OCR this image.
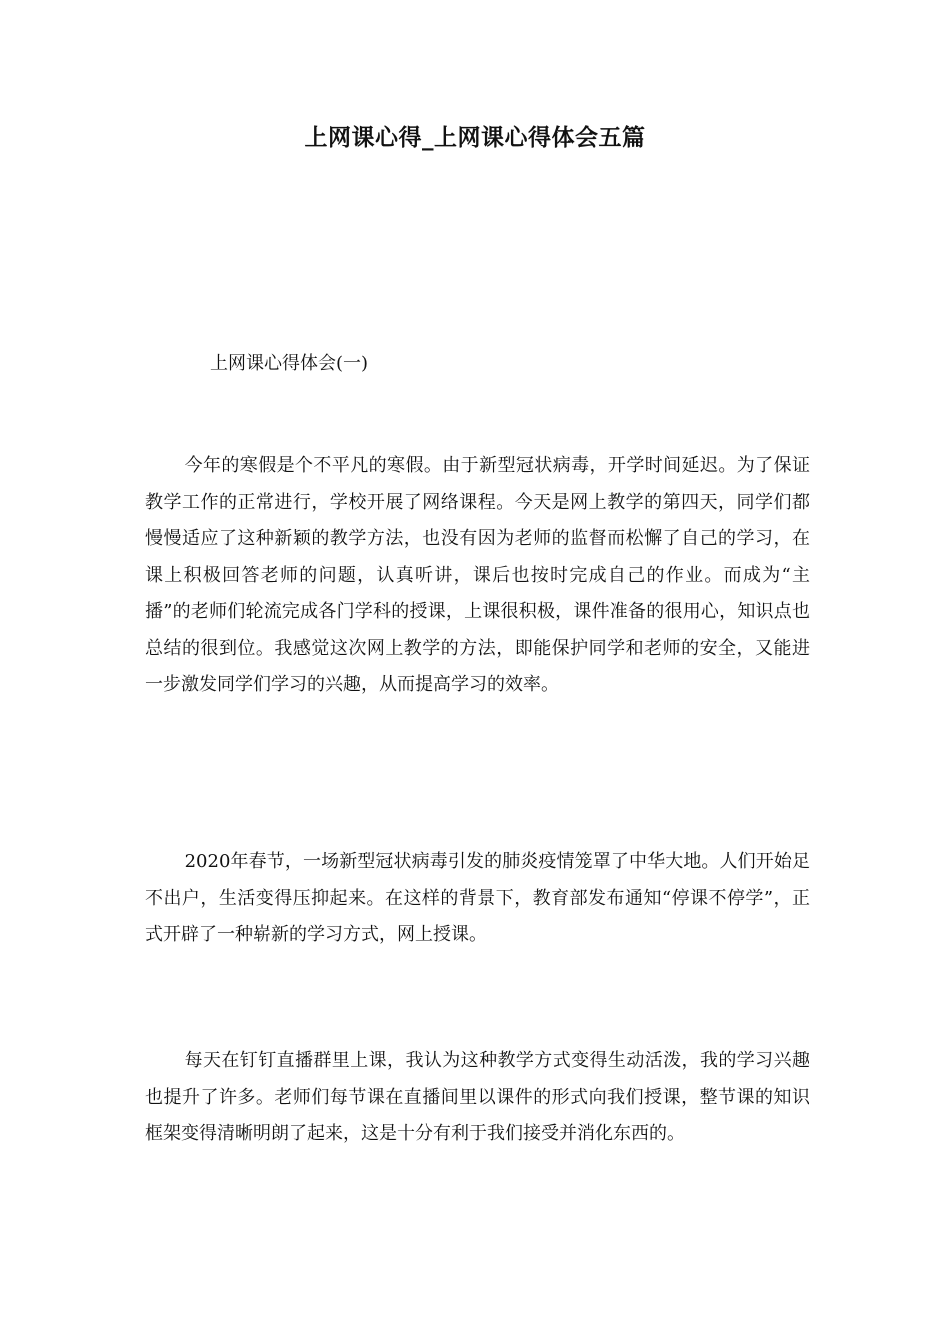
上网课心得_上网课心得体会五篇
上网课心得体会(一)

今年的寒假是个不平凡的寒假。由于新型冠状病毒，开学时间延迟。为了保证教学工作的正常进行，学校开展了网络课程。今天是网上教学的第四天，同学们都慢慢适应了这种新颖的教学方法，也没有因为老师的监督而松懈了自己的学习，在课上积极回答老师的问题，认真听讲，课后也按时完成自己的作业。而成为“主播”的老师们轮流完成各门学科的授课，上课很积极，课件准备的很用心，知识点也总结的很到位。我感觉这次网上教学的方法，即能保护同学和老师的安全，又能进一步激发同学们学习的兴趣，从而提高学习的效率。

2020年春节，一场新型冠状病毒引发的肺炎疫情笼罩了中华大地。人们开始足不出户，生活变得压抑起来。在这样的背景下，教育部发布通知“停课不停学”，正式开辟了一种崭新的学习方式，网上授课。

每天在钉钉直播群里上课，我认为这种教学方式变得生动活泼，我的学习兴趣也提升了许多。老师们每节课在直播间里以课件的形式向我们授课，整节课的知识框架变得清晰明朗了起来，这是十分有利于我们接受并消化东西的。
